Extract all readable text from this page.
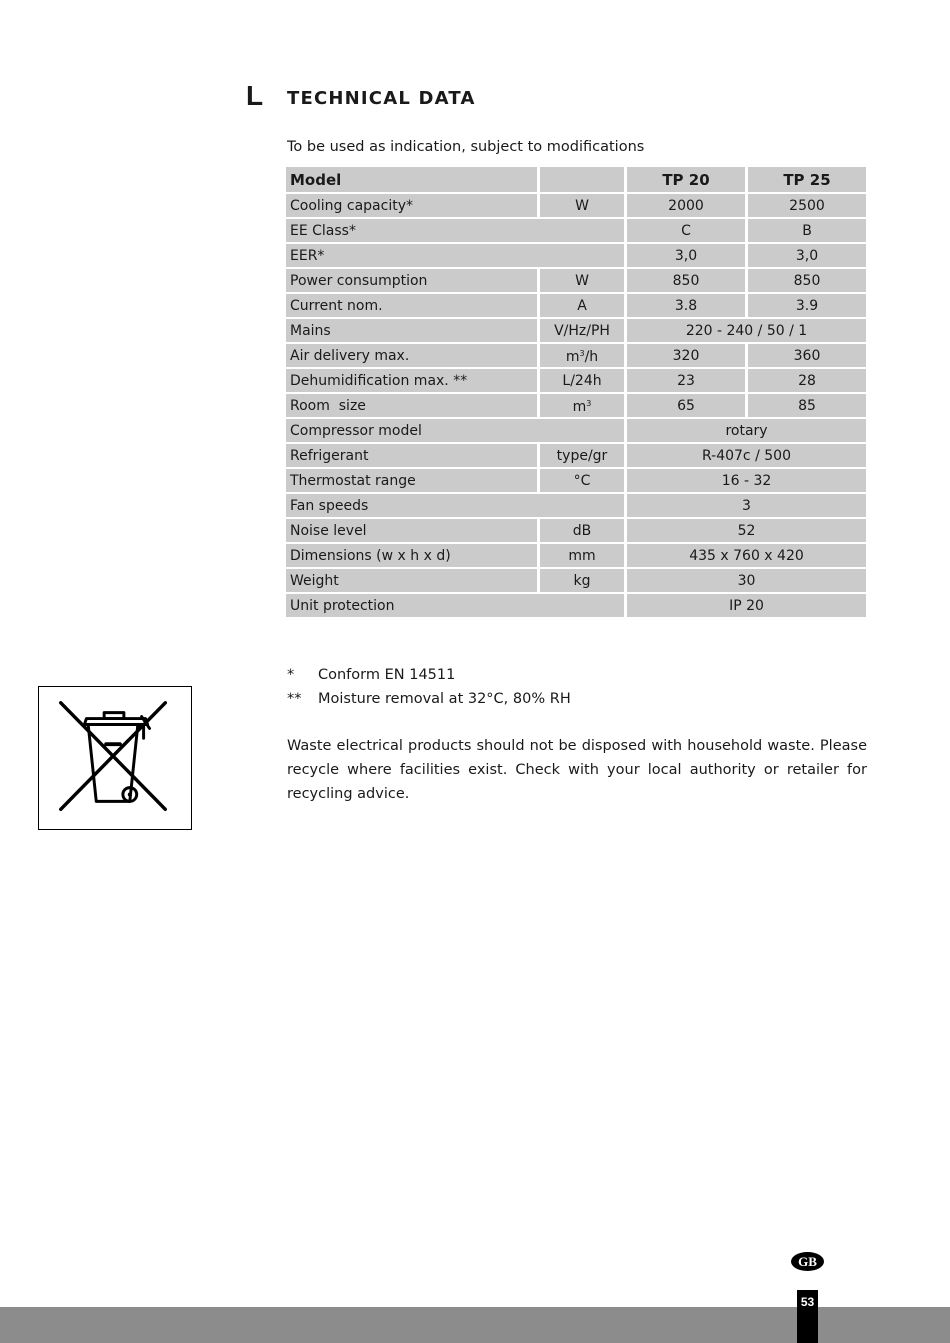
L TECHNICAL DATA
To be used as indication, subject to modifications
Model		TP 20	TP 25
Cooling capacity*	W	2000	2500
EE Class*		C	B
EER*		3,0	3,0
Power consumption	W	850	850
Current nom.	A	3.8	3.9
Mains	V/Hz/PH	220 - 240 / 50 / 1	
Air delivery max.	$m^3/h$	320	360
Dehumidification max. **	L/24h	23	28
Room  size	$m^3$	65	85
Compressor model		rotary	
Refrigerant	type/gr	R-407c / 500	
Thermostat range	°C	16 - 32	
Fan speeds		3	
Noise level	dB	52	
Dimensions (w x h x d)	mm	435 x 760 x 420	
Weight	kg	30	
Unit protection		IP 20	
* Conform EN 14511
** Moisture removal at 32°C, 80% RH
Waste electrical products should not be disposed with household waste. Please recycle where facilities exist. Check with your local authority or retailer for recycling advice.
GB
53
